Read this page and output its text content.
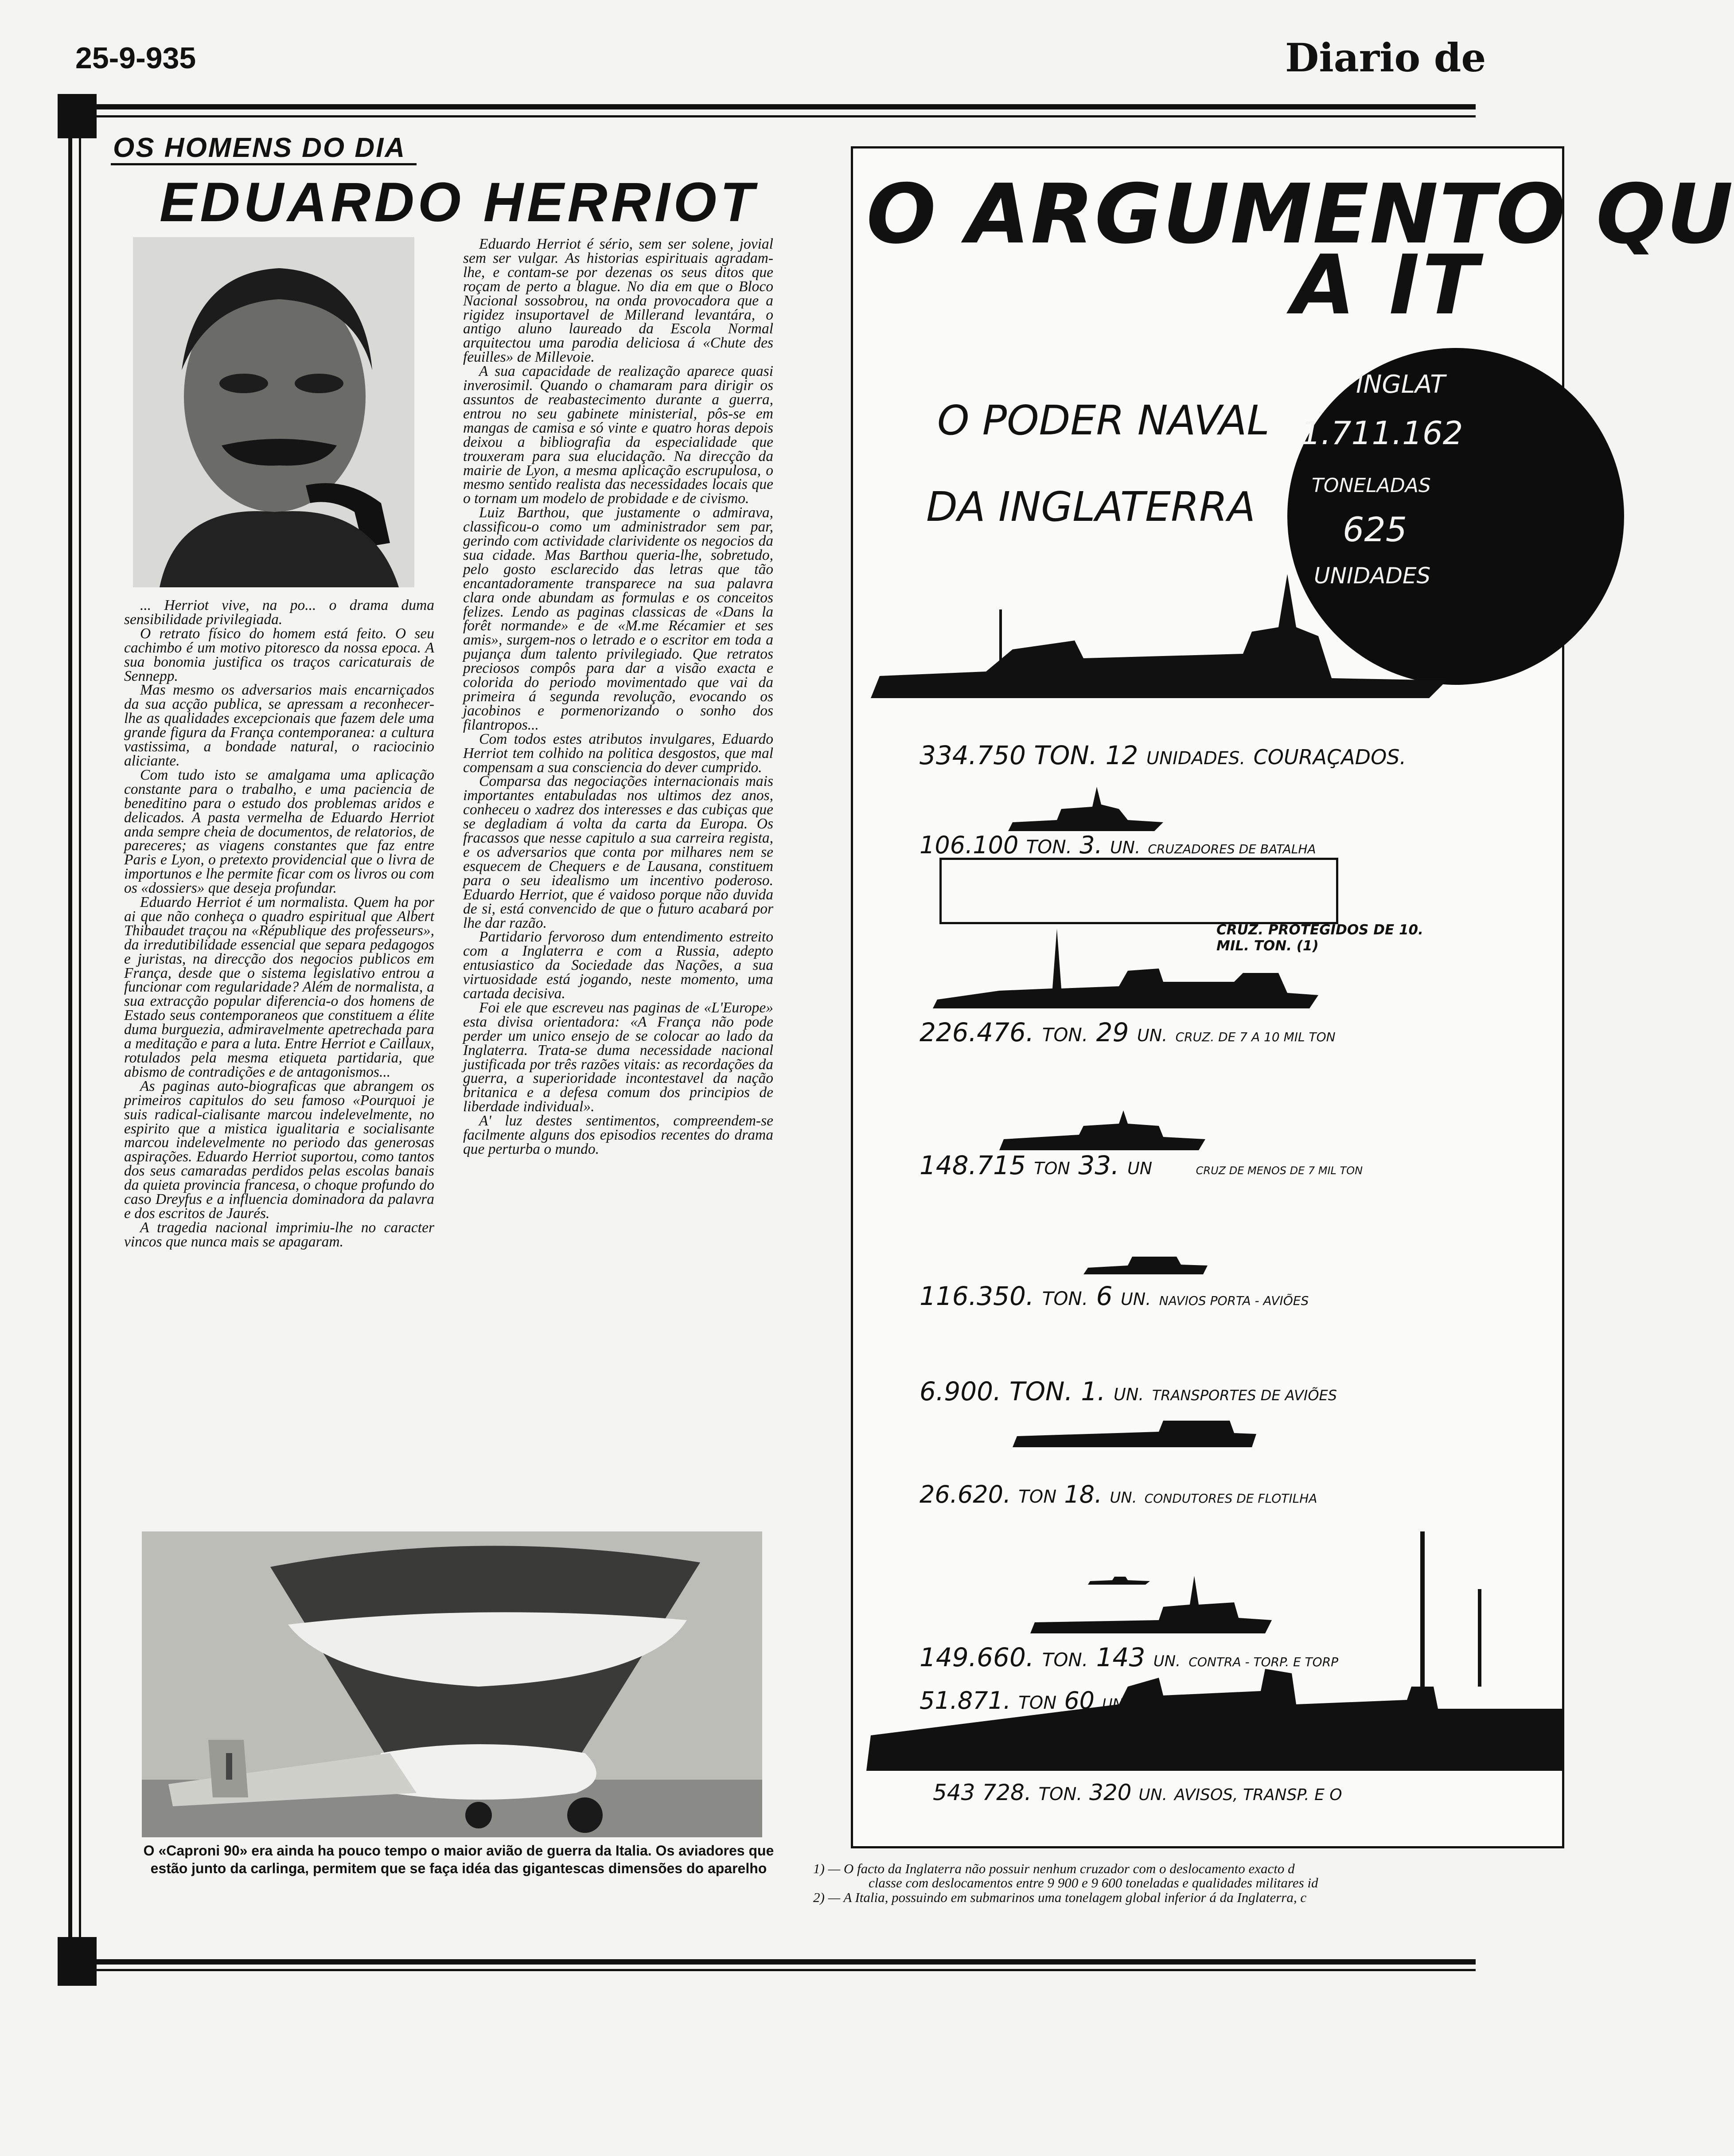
25-9-935	Diario de
OS HOMENS DO DIA
EDUARDO HERRIOT

... Herriot vive, na po... o drama duma sensibilidade privilegiada.

O retrato físico do homem está feito. O seu cachimbo é um motivo pitoresco da nossa epoca. A sua bonomia justifica os traços caricaturais de Sennepp.

Mas mesmo os adversarios mais encarniçados da sua acção publica, se apressam a reconhecer-lhe as qualidades excepcionais que fazem dele uma grande figura da França contemporanea: a cultura vastissima, a bondade natural, o raciocinio aliciante.

Com tudo isto se amalgama uma aplicação constante para o trabalho, e uma paciencia de beneditino para o estudo dos problemas aridos e delicados. A pasta vermelha de Eduardo Herriot anda sempre cheia de documentos, de relatorios, de pareceres; as viagens constantes que faz entre Paris e Lyon, o pretexto providencial que o livra de importunos e lhe permite ficar com os livros ou com os «dossiers» que deseja profundar.

Eduardo Herriot é um normalista. Quem ha por ai que não conheça o quadro espiritual que Albert Thibaudet traçou na «République des professeurs», da irredutibilidade essencial que separa pedagogos e juristas, na direcção dos negocios publicos em França, desde que o sistema legislativo entrou a funcionar com regularidade? Além de normalista, a sua extracção popular diferencia-o dos homens de Estado seus contemporaneos que constituem a élite duma burguezia, admiravelmente apetrechada para a meditação e para a luta. Entre Herriot e Caillaux, rotulados pela mesma etiqueta partidaria, que abismo de contradições e de antagonismos...

As paginas auto-biograficas que abrangem os primeiros capitulos do seu famoso «Pourquoi je suis radical-cialisante marcou indelevelmente, no espirito que a mistica igualitaria e socialisante marcou indelevelmente no periodo das generosas aspirações. Eduardo Herriot suportou, como tantos dos seus camaradas perdidos pelas escolas banais da quieta provincia francesa, o choque profundo do caso Dreyfus e a influencia dominadora da palavra e dos escritos de Jaurés.

A tragedia nacional imprimiu-lhe no caracter vincos que nunca mais se apagaram.

Eduardo Herriot é sério, sem ser solene, jovial sem ser vulgar. As historias espirituais agradam-lhe, e contam-se por dezenas os seus ditos que roçam de perto a blague. No dia em que o Bloco Nacional sossobrou, na onda provocadora que a rigidez insuportavel de Millerand levantára, o antigo aluno laureado da Escola Normal arquitectou uma parodia deliciosa á «Chute des feuilles» de Millevoie.

A sua capacidade de realização aparece quasi inverosimil. Quando o chamaram para dirigir os assuntos de reabastecimento durante a guerra, entrou no seu gabinete ministerial, pôs-se em mangas de camisa e só vinte e quatro horas depois deixou a bibliografia da especialidade que trouxeram para sua elucidação. Na direcção da mairie de Lyon, a mesma aplicação escrupulosa, o mesmo sentido realista das necessidades locais que o tornam um modelo de probidade e de civismo.

Luiz Barthou, que justamente o admirava, classificou-o como um administrador sem par, gerindo com actividade clarividente os negocios da sua cidade. Mas Barthou queria-lhe, sobretudo, pelo gosto esclarecido das letras que tão encantadoramente transparece na sua palavra clara onde abundam as formulas e os conceitos felizes. Lendo as paginas classicas de «Dans la forêt normande» e de «M.me Récamier et ses amis», surgem-nos o letrado e o escritor em toda a pujança dum talento privilegiado. Que retratos preciosos compôs para dar a visão exacta e colorida do periodo movimentado que vai da primeira á segunda revolução, evocando os jacobinos e pormenorizando o sonho dos filantropos...

Com todos estes atributos invulgares, Eduardo Herriot tem colhido na politica desgostos, que mal compensam a sua consciencia do dever cumprido.

Comparsa das negociações internacionais mais importantes entabuladas nos ultimos dez anos, conheceu o xadrez dos interesses e das cubiças que se degladiam á volta da carta da Europa. Os fracassos que nesse capitulo a sua carreira regista, e os adversarios que conta por milhares nem se esquecem de Chequers e de Lausana, constituem para o seu idealismo um incentivo poderoso. Eduardo Herriot, que é vaidoso porque não duvida de si, está convencido de que o futuro acabará por lhe dar razão.

Partidario fervoroso dum entendimento estreito com a Inglaterra e com a Russia, adepto entusiastico da Sociedade das Nações, a sua virtuosidade está jogando, neste momento, uma cartada decisiva.

Foi ele que escreveu nas paginas de «L'Europe» esta divisa orientadora: «A França não pode perder um unico ensejo de se colocar ao lado da Inglaterra. Trata-se duma necessidade nacional justificada por três razões vitais: as recordações da guerra, a superioridade incontestavel da nação britanica e a defesa comum dos principios de liberdade individual».

A' luz destes sentimentos, compreendem-se facilmente alguns dos episodios recentes do drama que perturba o mundo.

O «Caproni 90» era ainda ha pouco tempo o maior avião de guerra da Italia. Os aviadores que estão junto da carlinga, permitem que se faça idéa das gigantescas dimensões do aparelho
O ARGUMENTO QU
A IT
O PODER NAVAL
DA INGLATERRA
INGLAT
1.711.162
TONELADAS
625
UNIDADES
334.750 TON. 12 UNIDADES. COURAÇADOS.
106.100 TON. 3. UN. CRUZADORES DE BATALHA
CRUZ. PROTEGIDOS DE 10. MIL. TON. (1)
226.476. TON. 29 UN. CRUZ. DE 7 A 10 MIL TON
148.715 TON 33. UN	CRUZ DE MENOS DE 7 MIL TON
116.350. TON. 6 UN. NAVIOS PORTA - AVIÕES
6.900. TON. 1. UN. TRANSPORTES DE AVIÕES
26.620. TON 18. UN. CONDUTORES DE FLOTILHA
149.660. TON. 143 UN. CONTRA - TORP. E TORP
51.871. TON 60 UN SUBMARINOS (2)
543 728. TON. 320 UN. AVISOS, TRANSP. E O
1) — O facto da Inglaterra não possuir nenhum cruzador com o deslocamento exacto d
classe com deslocamentos entre 9 900 e 9 600 toneladas e qualidades militares id
2) — A Italia, possuindo em submarinos uma tonelagem global inferior á da Inglaterra, c
